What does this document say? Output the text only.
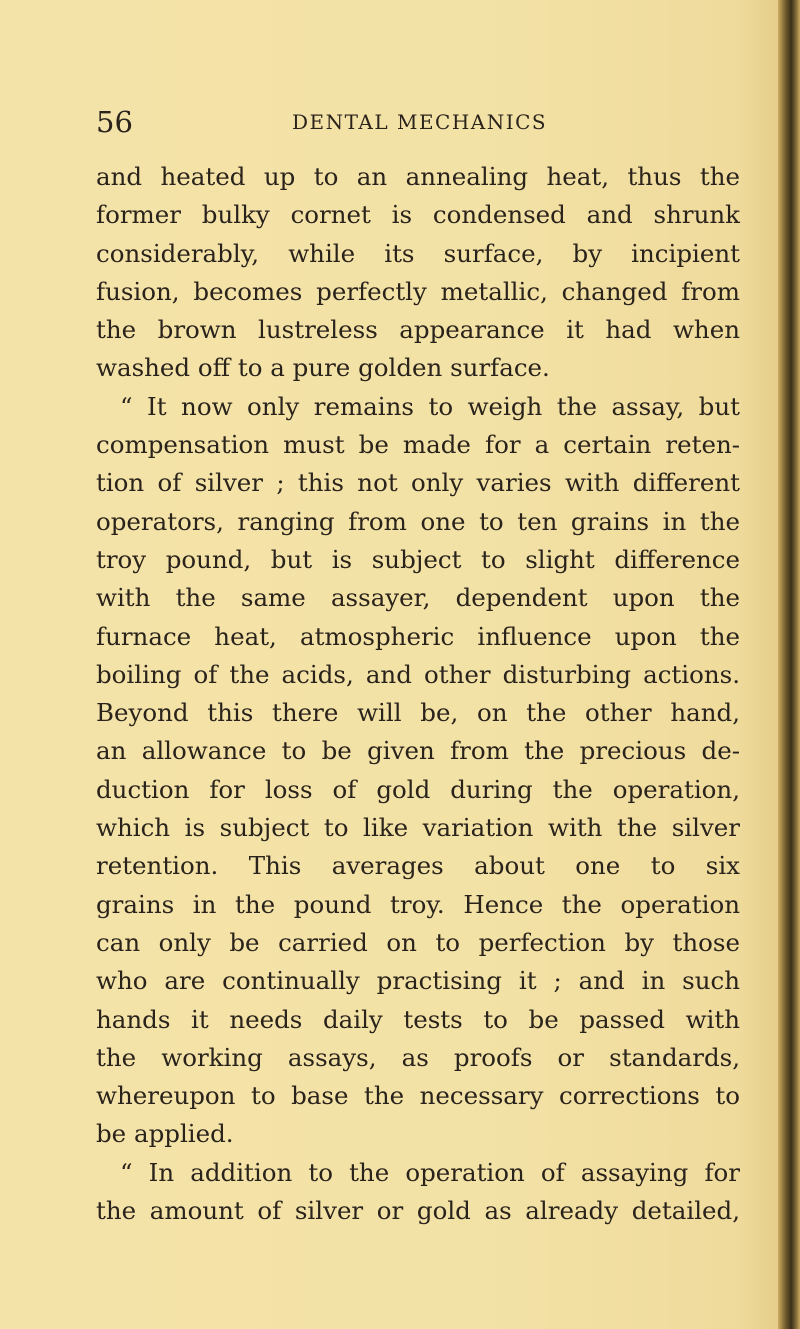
56	DENTAL MECHANICS
and heated up to an annealing heat, thus the
former bulky cornet is condensed and shrunk
considerably, while its surface, by incipient
fusion, becomes perfectly metallic, changed from
the brown lustreless appearance it had when
washed off to a pure golden surface.
“ It now only remains to weigh the assay, but
compensation must be made for a certain reten-
tion of silver ; this not only varies with different
operators, ranging from one to ten grains in the
troy pound, but is subject to slight difference
with the same assayer, dependent upon the
furnace heat, atmospheric influence upon the
boiling of the acids, and other disturbing actions.
Beyond this there will be, on the other hand,
an allowance to be given from the precious de-
duction for loss of gold during the operation,
which is subject to like variation with the silver
retention. This averages about one to six
grains in the pound troy. Hence the operation
can only be carried on to perfection by those
who are continually practising it ; and in such
hands it needs daily tests to be passed with
the working assays, as proofs or standards,
whereupon to base the necessary corrections to
be applied.
“ In addition to the operation of assaying for
the amount of silver or gold as already detailed,
